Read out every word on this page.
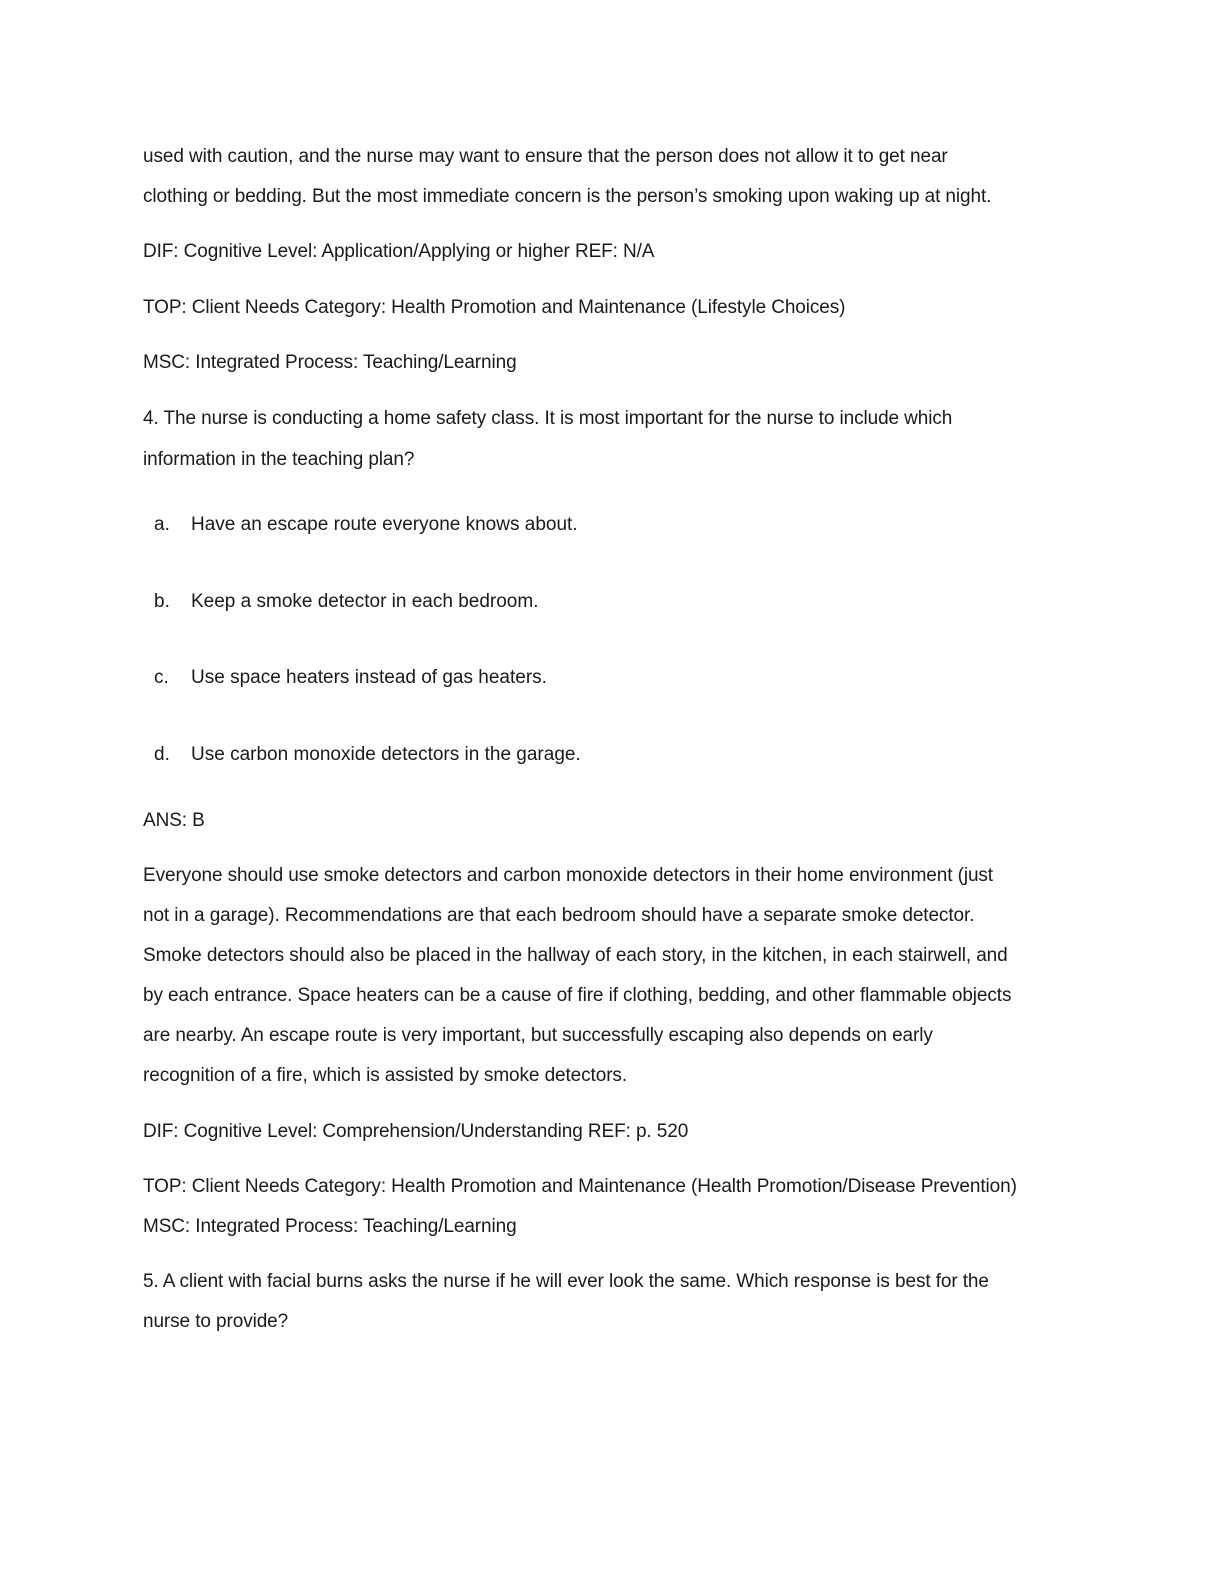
used with caution, and the nurse may want to ensure that the person does not allow it to get near
clothing or bedding. But the most immediate concern is the person’s smoking upon waking up at night.
DIF: Cognitive Level: Application/Applying or higher REF: N/A
TOP: Client Needs Category: Health Promotion and Maintenance (Lifestyle Choices)
MSC: Integrated Process: Teaching/Learning
4. The nurse is conducting a home safety class. It is most important for the nurse to include which
information in the teaching plan?
a. Have an escape route everyone knows about.
b. Keep a smoke detector in each bedroom.
c. Use space heaters instead of gas heaters.
d. Use carbon monoxide detectors in the garage.
ANS: B
Everyone should use smoke detectors and carbon monoxide detectors in their home environment (just
not in a garage). Recommendations are that each bedroom should have a separate smoke detector.
Smoke detectors should also be placed in the hallway of each story, in the kitchen, in each stairwell, and
by each entrance. Space heaters can be a cause of fire if clothing, bedding, and other flammable objects
are nearby. An escape route is very important, but successfully escaping also depends on early
recognition of a fire, which is assisted by smoke detectors.
DIF: Cognitive Level: Comprehension/Understanding REF: p. 520
TOP: Client Needs Category: Health Promotion and Maintenance (Health Promotion/Disease Prevention)
MSC: Integrated Process: Teaching/Learning
5. A client with facial burns asks the nurse if he will ever look the same. Which response is best for the
nurse to provide?
